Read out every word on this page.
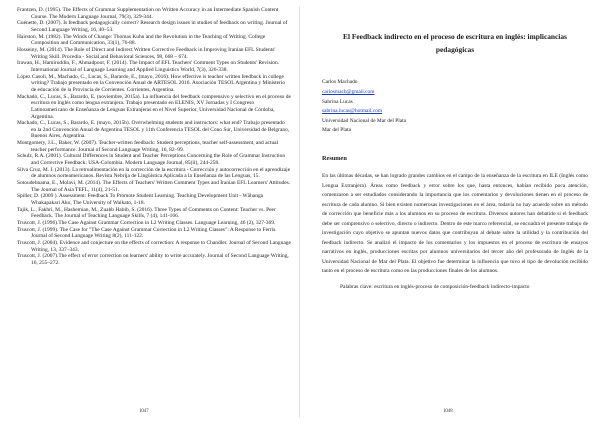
Frantzen, D. (1995). The Effects of Grammar Supplementation on Written Accuracy in an Intermediate Spanish Content Course. The Modern Language Journal, 79(3), 329-344.

Guénette, D. (2007). Is feedback pedagogically correct? Research design issues in studies of feedback on writing. Journal of Second Language Writing, 16, 40–53.

Hairston, M. (1982). The Winds of Change: Thomas Kuhn and the Revolution in the Teaching of Writing. College Composition and Communication, 33(1), 76-88.

Hosseiny, M. (2014). The Role of Direct and Indirect Written Corrective Feedback in Improving Iranian EFL Students' Writing Skill. Procedia - Social and Behavioral Sciences, 98, 668 – 674.

Irawan, H., Hamiruddin, F., Ahmadpoor, F. (2014). The Impact of EFL Teachers' Comment Types on Students' Revision. International Journal of Language Learning and Applied Linguistics World, 7(3), 326-338.

López Casoli, M., Machado, C., Lucas, S., Barardo, E., (mayo, 2016). How effective is teacher written feedback in college writing? Trabajo presentado en la Convención Anual de ARTESOL 2016. Asociación TESOL Argentina y Ministerio de educación de la Provincia de Corrientes. Corrientes, Argentina.

Machado, C., Lucas, S., Barardo, E. (noviembre, 2015a). La influencia del feedback comprensivo y selectivo en el proceso de escritura en inglés como lengua extranjera. Trabajo presentado en ELENIS, XV Jornadas y I Congreso Latinoamericano de Enseñanza de Lenguas Extranjeras en el Nivel Superior, Universidad Nacional de Córdoba, Argentina.

Machado, C., Lucas, S., Barardo, E. (mayo, 2015b). Overwhelming students and instructors: what end? Trabajo presentado en la 2nd Convención Anual de Argentina TESOL y 11th Conferencia TESOL del Cono Sur, Universidad de Belgrano, Buenos Aires, Argentina.

Montgomery, J.L., Baker, W. (2007). Teacher-written feedback: Student perceptions, teacher self-assessment, and actual teacher performance. Journal of Second Language Writing, 16, 82–99.

Schulz, R.A. (2001). Cultural Differences in Student and Teacher Perceptions Concerning the Role of Grammar Instruction and Corrective Feedback: USA-Colombia. Modern Language Journal, 85(ii), 244-258.

Silva Cruz, M. I. (2013). La retroalimentación en la corrección de la escritura - Corrección y autocorrección en el aprendizaje de alumnos norteamericanos. Revista Nebrija de Lingüística Aplicada a la Enseñanza de las Lenguas, 15.

Sotoudehnama, E., Molavi, M. (2014). The Effects of Teachers' Written Comment Types and Iranian EFL Learners' Attitudes. The Journal of Asia TEFL, 11(4), 21-51.

Spiller, D. (2009 ). Assessment: Feedback To Promote Student Learning. Teaching Development Unit - Wāhanga Whakapakari Ako, The University of Waikato, 1-18.

Tajik, L., Fakhri, M., Hashemian, M., Zuahb Habib, S. (2016). Three Types of Comments on Content: Teacher vs. Peer Feedback. The Journal of Teaching Language Skills, 7 (4), 141-166.

Truscott, J. (1996).The Case Against Grammar Correction in L2 Writing Classes. Language Learning, 46 (2), 327-369.

Truscott, J. (1999). The Case for "The Case Against Grammar Correction in L2 Writing Classes": A Response to Ferris. Journal of Second Language Writing 8(2), 111-122.

Truscott, J. (2004). Evidence and conjecture on the effects of correction: A response to Chandler. Journal of Second Language Writing, 13, 337–343.

Truscott, J. (2007).The effect of error correction on learners' ability to write accurately. Journal of Second Language Writing, 16, 255–272.

1047
El Feedback indirecto en el proceso de escritura en inglés: implicancias pedagógicas
Carlos Machado
carlosmach@gmail.com
Sabrina Lucas
sabrina.lucas@hotmail.com
Universidad Nacional de Mar del Plata
Mar del Plata
Resumen

En las últimas décadas, se han logrado grandes cambios en el campo de la enseñanza de la escritura en ILE (Inglés como Lengua Extranjera). Áreas como feedback y error sobre los que, hasta entonces, habían recibido poca atención, comenzaron a ser estudiados considerando la importancia que los comentarios y devoluciones tienen en el proceso de escritura de cada alumno. Si bien existen numerosas investigaciones en el área, todavía no hay acuerdo sobre un método de corrección que beneficie más a los alumnos en su proceso de escritura. Diversos autores han debatido si el feedback debe ser comprensivo o selectivo, directo o indirecto. Dentro de este marco referencial, se encuadra el presente trabajo de investigación cuyo objetivo se apuntan nuevos datos que contribuyan al debate sobre la utilidad y la contribución del feedback indirecto. Se analizó el impacto de los comentarios y los impuestos en el proceso de escritura de ensayos narrativos en inglés, producciones escritas por alumnos universitarios del tercer año del profesorado de Inglés de la Universidad Nacional de Mar del Plata. El objetivo fue determinar la influencia que tuvo el tipo de devolución recibido tanto en el proceso de escritura como en las producciones finales de los alumnos.

Palabras clave: escritura en inglés-proceso de composición-feedback indirecto-impacto

1048
